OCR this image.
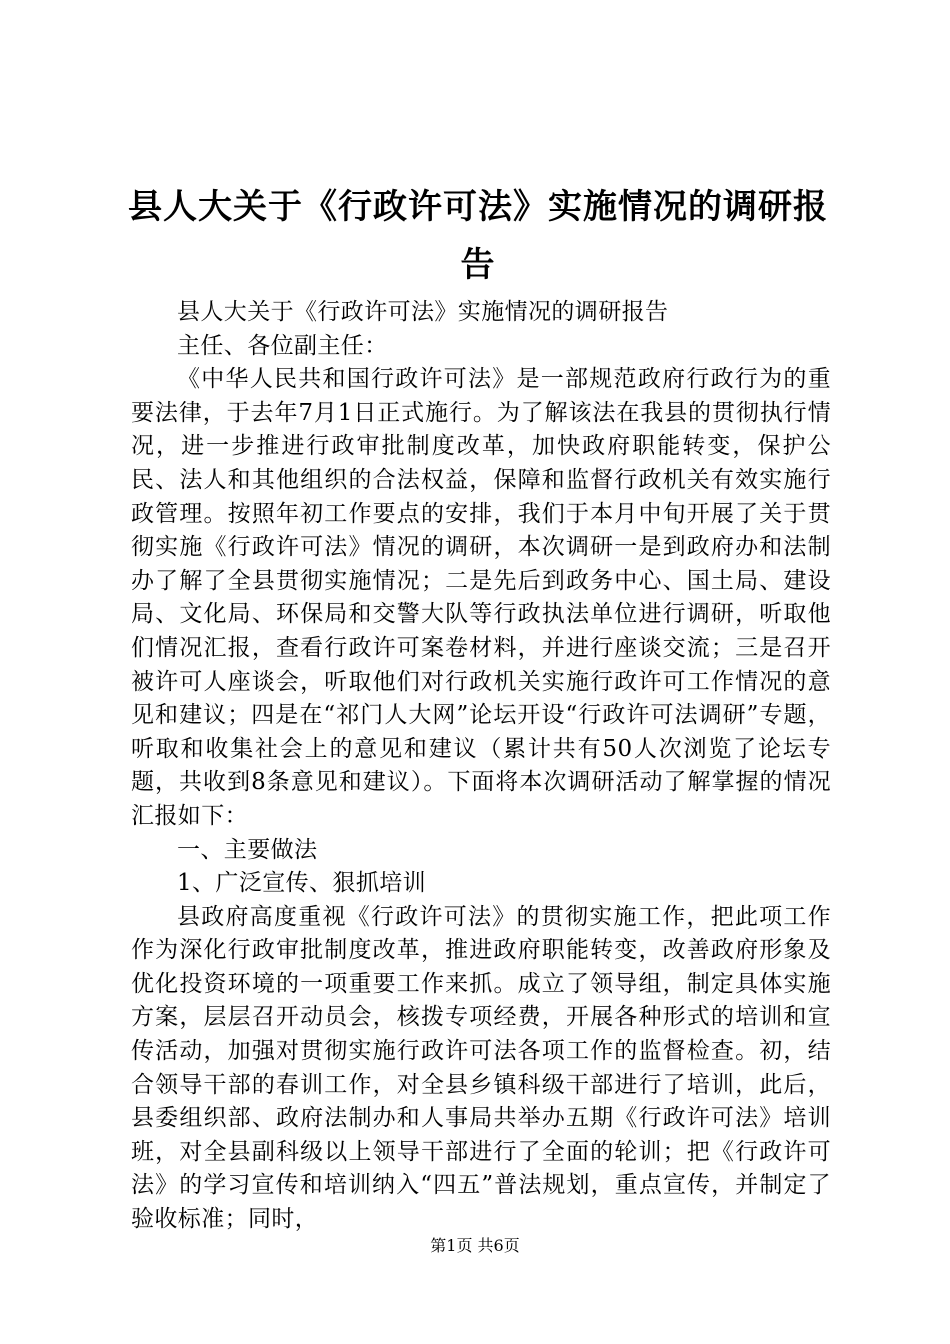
县人大关于《行政许可法》实施情况的调研报告

县人大关于《行政许可法》实施情况的调研报告

主任、各位副主任：

《中华人民共和国行政许可法》是一部规范政府行政行为的重要法律，于去年7月1日正式施行。为了解该法在我县的贯彻执行情况，进一步推进行政审批制度改革，加快政府职能转变，保护公民、法人和其他组织的合法权益，保障和监督行政机关有效实施行政管理。按照年初工作要点的安排，我们于本月中旬开展了关于贯彻实施《行政许可法》情况的调研，本次调研一是到政府办和法制办了解了全县贯彻实施情况；二是先后到政务中心、国土局、建设局、文化局、环保局和交警大队等行政执法单位进行调研，听取他们情况汇报，查看行政许可案卷材料，并进行座谈交流；三是召开被许可人座谈会，听取他们对行政机关实施行政许可工作情况的意见和建议；四是在“祁门人大网”论坛开设“行政许可法调研”专题，听取和收集社会上的意见和建议（累计共有50人次浏览了论坛专题，共收到8条意见和建议）。下面将本次调研活动了解掌握的情况汇报如下：

一、主要做法

1、广泛宣传、狠抓培训

县政府高度重视《行政许可法》的贯彻实施工作，把此项工作作为深化行政审批制度改革，推进政府职能转变，改善政府形象及优化投资环境的一项重要工作来抓。成立了领导组，制定具体实施方案，层层召开动员会，核拨专项经费，开展各种形式的培训和宣传活动，加强对贯彻实施行政许可法各项工作的监督检查。初，结合领导干部的春训工作，对全县乡镇科级干部进行了培训，此后，县委组织部、政府法制办和人事局共举办五期《行政许可法》培训班，对全县副科级以上领导干部进行了全面的轮训；把《行政许可法》的学习宣传和培训纳入“四五”普法规划，重点宣传，并制定了验收标准；同时，

第1页 共6页
